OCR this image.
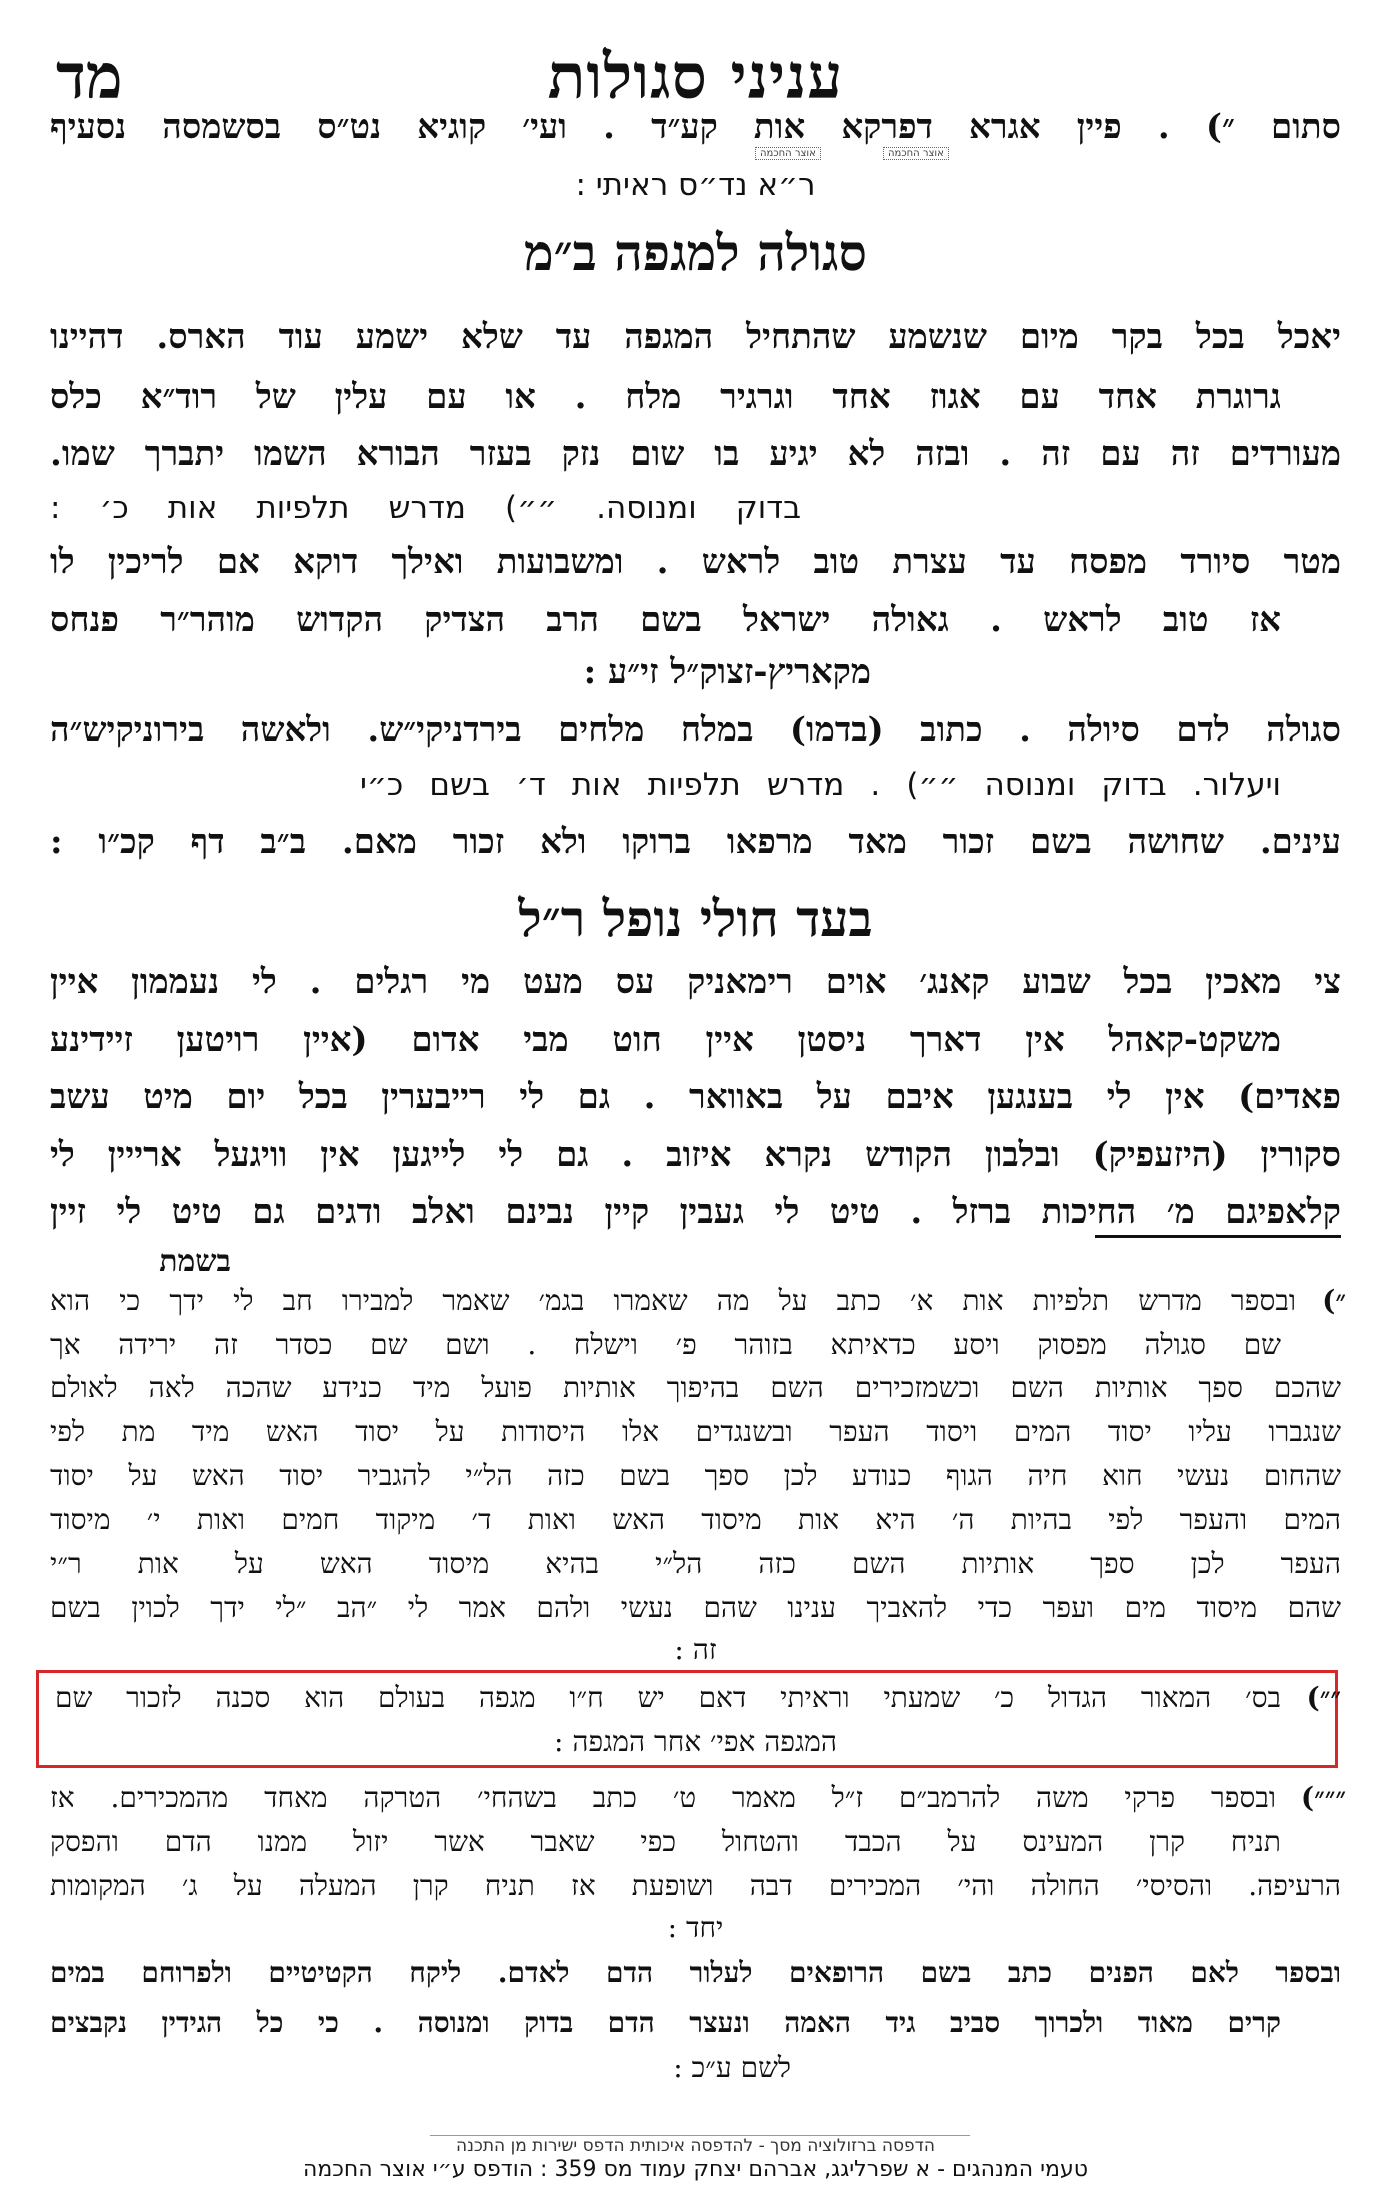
עניני סגולות
מד
אוצר החכמה	אוצר החכמה
סתום ״) . פיין אגרא דפרקא אות קע״ד . ועי׳ קוגיא נט״ס בסשמסה נסעיף
ר״א נד״ס ראיתי :
סגולה למגפה ב״מ
יאכל בכל בקר מיום שנשמע שהתחיל המגפה עד שלא ישמע עוד הארס. דהיינו
גרוגרת אחד עם אגוז אחד וגרגיר מלח . או עם עלין של רוד״א כלס
מעורדים זה עם זה . ובזה לא יגיע בו שום נזק בעזר הבורא השמו יתברך שמו.
בדוק ומנוסה. ״״) מדרש תלפיות אות כ׳ :
מטר סיורד מפסח עד עצרת טוב לראש . ומשבועות ואילך דוקא אם לריכין לו
אז טוב לראש . גאולה ישראל בשם הרב הצדיק הקדוש מוהר״ר פנחס
מקאריץ-זצוק״ל זי״ע :
סגולה לדם סיולה . כתוב (בדמו) במלח מלחים בירדניקי״ש. ולאשה בירוניקיש״ה
ויעלור. בדוק ומנוסה ״״) . מדרש תלפיות אות ד׳ בשם כ״י
עינים. שחושה בשם זכור מאד מרפאו ברוקו ולא זכור מאם. ב״ב דף קכ״ו :
בעד חולי נופל ר״ל
צי מאכין בכל שבוע קאנג׳ אוים רימאניק עס מעט מי רגלים . לי נעממון איין
משקט-קאהל אין דארך ניסטן איין חוט מבי אדום (איין רויטען זיידינע
פאדים) אין לי בענגען איבם על באוואר . גם לי רייבערין בכל יום מיט עשב
סקורין (היזעפיק) ובלבון הקודש נקרא איזוב . גם לי לייגען אין וויגעל ארייין לי
קלאפיגם מ׳ החיכות ברזל . טיט לי געבין קיין נבינם ואלב ודגים גם טיט לי זיין
בשמת
״)
ובספר מדרש תלפיות אות א׳ כתב על מה שאמרו בגמ׳ שאמר למבירו חב לי ידך כי הוא
שם סגולה מפסוק ויסע כדאיתא בזוהר פ׳ וישלח . ושם שם כסדר זה ירידה אך
שהכם ספך אותיות השם וכשמזכירים השם בהיפוך אותיות פועל מיד כנידע שהכה לאה לאולם
שנגברו עליו יסוד המים ויסוד העפר ובשנגדים אלו היסודות על יסוד האש מיד מת לפי
שהחום נעשי חוא חיה הגוף כנודע לכן ספך בשם כזה הל״י להגביר יסוד האש על יסוד
המים והעפר לפי בהיות ה׳ היא אות מיסוד האש ואות ד׳ מיקוד חמים ואות י׳ מיסוד
העפר לכן ספך אותיות השם כזה הל״י בהיא מיסוד האש על אות ר״י
שהם מיסוד מים ועפר כדי להאביך ענינו שהם נעשי ולהם אמר לי ״הב ״לי ידך לכוין בשם
זה :
״״)
בס׳ המאור הגדול כ׳ שמעתי וראיתי דאם יש ח״ו מגפה בעולם הוא סכנה לזכור שם
המגפה אפי׳ אחר המגפה :
״״״)
ובספר פרקי משה להרמב״ם ז״ל מאמר ט׳ כתב בשהחי׳ הטרקה מאחד מהמכירים. אז
תניח קרן המעינס על הכבד והטחול כפי שאבר אשר יזול ממנו הדם והפסק
הרעיפה. והסיסי׳ החולה והי׳ המכירים דבה ושופעת אז תניח קרן המעלה על ג׳ המקומות
יחד :
ובספר לאם הפנים כתב בשם הרופאים לעלור הדם לאדם. ליקח הקטיטיים ולפרוחם במים
קרים מאוד ולכרוך סביב גיד האמה ונעצר הדם בדוק ומנוסה . כי כל הגידין נקבצים
לשם ע״כ :
הדפסה ברזולוציה מסך - להדפסה איכותית הדפס ישירות מן התכנה
טעמי המנהגים - א שפרליגג, אברהם יצחק עמוד מס 359 : הודפס ע״י אוצר החכמה
